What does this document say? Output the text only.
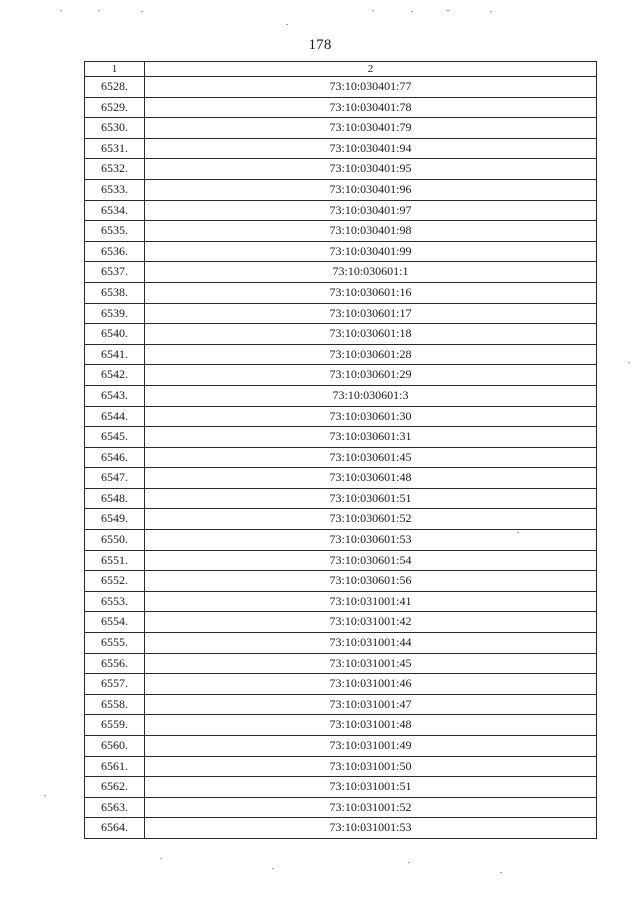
178
1	2
6528.	73:10:030401:77
6529.	73:10:030401:78
6530.	73:10:030401:79
6531.	73:10:030401:94
6532.	73:10:030401:95
6533.	73:10:030401:96
6534.	73:10:030401:97
6535.	73:10:030401:98
6536.	73:10:030401:99
6537.	73:10:030601:1
6538.	73:10:030601:16
6539.	73:10:030601:17
6540.	73:10:030601:18
6541.	73:10:030601:28
6542.	73:10:030601:29
6543.	73:10:030601:3
6544.	73:10:030601:30
6545.	73:10:030601:31
6546.	73:10:030601:45
6547.	73:10:030601:48
6548.	73:10:030601:51
6549.	73:10:030601:52
6550.	73:10:030601:53
6551.	73:10:030601:54
6552.	73:10:030601:56
6553.	73:10:031001:41
6554.	73:10:031001:42
6555.	73:10:031001:44
6556.	73:10:031001:45
6557.	73:10:031001:46
6558.	73:10:031001:47
6559.	73:10:031001:48
6560.	73:10:031001:49
6561.	73:10:031001:50
6562.	73:10:031001:51
6563.	73:10:031001:52
6564.	73:10:031001:53
